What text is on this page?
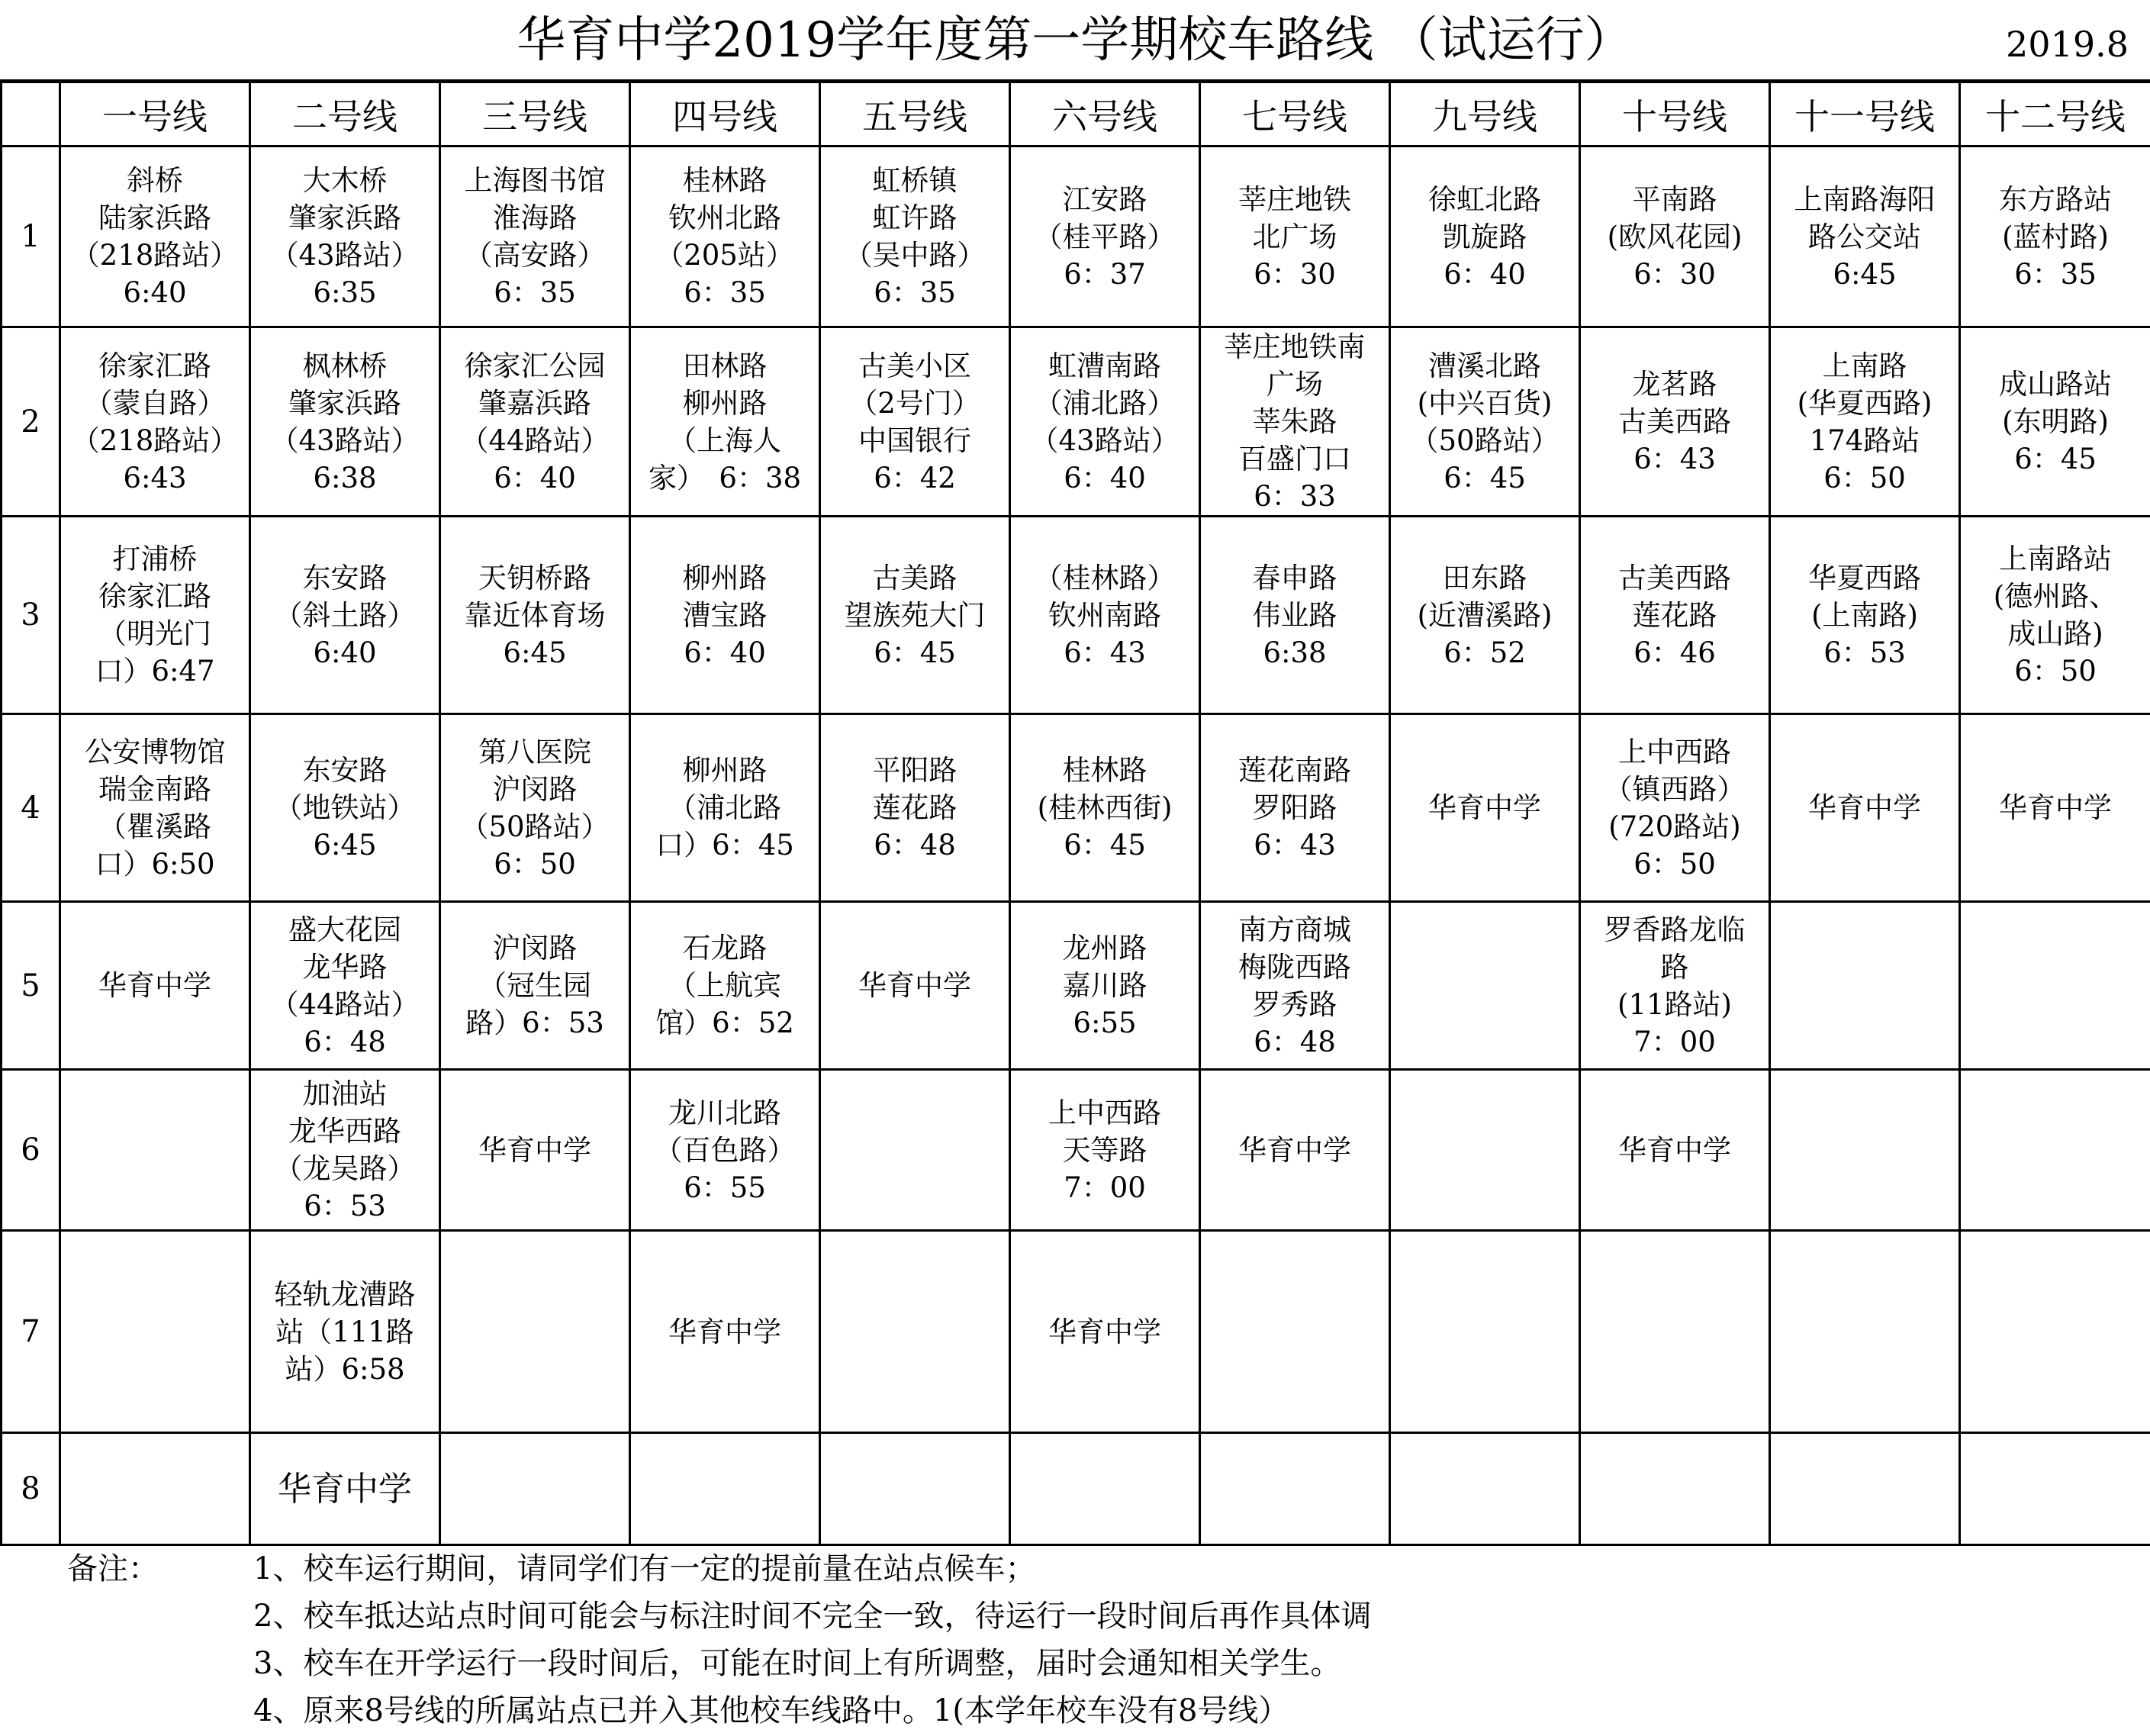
华育中学2019学年度第一学期校车路线 （试运行）	2019.8
	一号线	二号线	三号线	四号线	五号线	六号线	七号线	九号线	十号线	十一号线	十二号线
1	斜桥
陆家浜路
（218路站）
6:40	大木桥
肇家浜路
（43路站）
6:35	上海图书馆
淮海路
（高安路）
6：35	桂林路
钦州北路
（205站）
6：35	虹桥镇
虹许路
（吴中路）
6：35	江安路
（桂平路）
6：37	莘庄地铁
北广场
6：30	徐虹北路
凯旋路
6：40	平南路
(欧风花园)
6：30	上南路海阳
路公交站
6:45	东方路站
(蓝村路)
6：35
2	徐家汇路
（蒙自路）
（218路站）
6:43	枫林桥
肇家浜路
（43路站）
6:38	徐家汇公园
肇嘉浜路
（44路站）
6：40	田林路
柳州路
（上海人
家）　6：38	古美小区
（2号门）
中国银行
6：42	虹漕南路
（浦北路）
（43路站）
6：40	莘庄地铁南
广场
莘朱路
百盛门口
6：33	漕溪北路
(中兴百货)
（50路站）
6：45	龙茗路
古美西路
6：43	上南路
(华夏西路)
174路站
6：50	成山路站
(东明路)
6：45
3	打浦桥
徐家汇路
（明光门
口）6:47	东安路
（斜土路）
6:40	天钥桥路
靠近体育场
6:45	柳州路
漕宝路
6：40	古美路
望族苑大门
6：45	（桂林路）
钦州南路
6：43	春申路
伟业路
6:38	田东路
(近漕溪路)
6：52	古美西路
莲花路
6：46	华夏西路
(上南路)
6：53	上南路站
(德州路、
成山路)
6：50
4	公安博物馆
瑞金南路
（瞿溪路
口）6:50	东安路
（地铁站）
6:45	第八医院
沪闵路
（50路站）
6：50	柳州路
（浦北路
口）6：45	平阳路
莲花路
6：48	桂林路
(桂林西街)
6：45	莲花南路
罗阳路
6：43	华育中学	上中西路
（镇西路）
(720路站)
6：50	华育中学	华育中学
5	华育中学	盛大花园
龙华路
（44路站）
6：48	沪闵路
（冠生园
路）6：53	石龙路
（上航宾
馆）6：52	华育中学	龙州路
嘉川路
6:55	南方商城
梅陇西路
罗秀路
6：48		罗香路龙临
路
(11路站)
7：00		
6		加油站
龙华西路
（龙吴路）
6：53	华育中学	龙川北路
（百色路）
6：55		上中西路
天等路
7：00	华育中学		华育中学		
7		轻轨龙漕路
站（111路
站）6:58		华育中学		华育中学					
8		华育中学									
备注：	1、校车运行期间，请同学们有一定的提前量在站点候车；
2、校车抵达站点时间可能会与标注时间不完全一致，待运行一段时间后再作具体调
3、校车在开学运行一段时间后，可能在时间上有所调整，届时会通知相关学生。
4、原来8号线的所属站点已并入其他校车线路中。1(本学年校车没有8号线）
